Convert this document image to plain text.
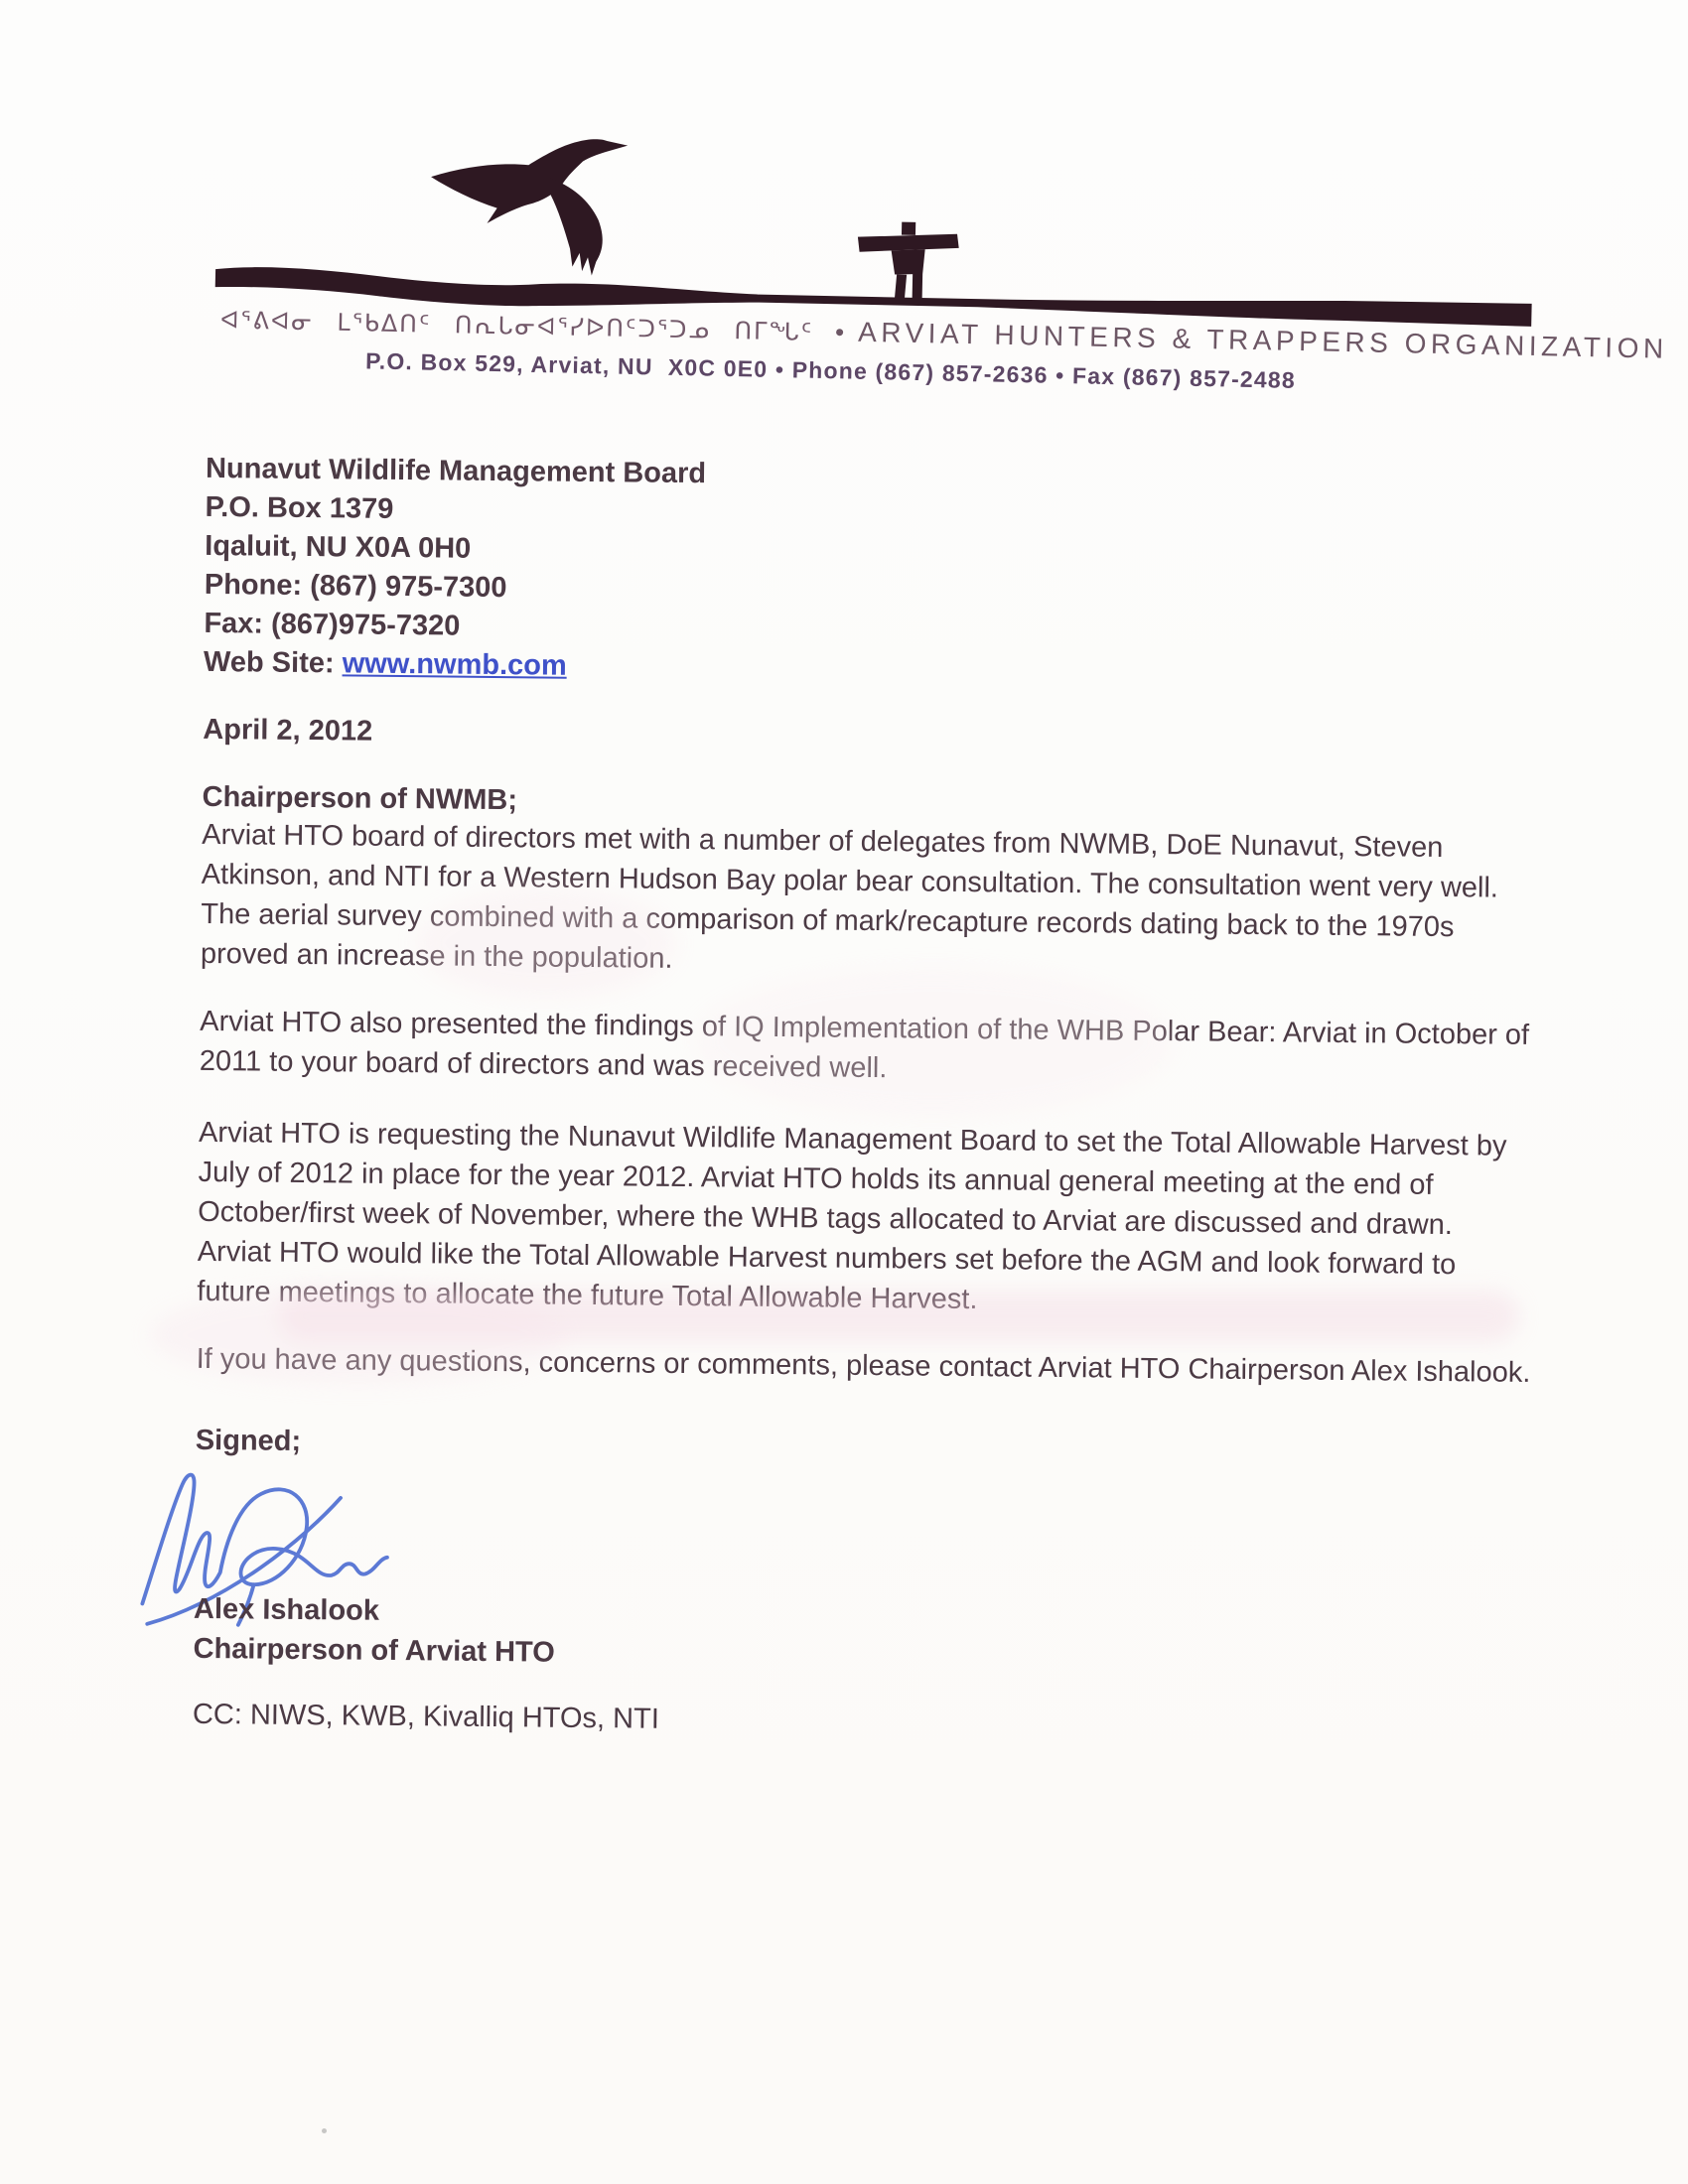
ᐊᕐᕕᐊᓂ ᒪᕐᑲᐃᑎᑦ ᑎᕆᒐᓂᐊᕐᓯᐅᑎᑦᑐᕐᑐᓄ ᑎᒥᖓᑦ • ARVIAT HUNTERS & TRAPPERS ORGANIZATION
P.O. Box 529, Arviat, NU  X0C 0E0 • Phone (867) 857-2636 • Fax (867) 857-2488
Nunavut Wildlife Management Board
P.O. Box 1379
Iqaluit, NU X0A 0H0
Phone: (867) 975-7300
Fax: (867)975-7320
Web Site: www.nwmb.com
April 2, 2012
Chairperson of NWMB;
Arviat HTO board of directors met with a number of delegates from NWMB, DoE Nunavut, Steven
Atkinson, and NTI for a Western Hudson Bay polar bear consultation. The consultation went very well.
The aerial survey combined with a comparison of mark/recapture records dating back to the 1970s
proved an increase in the population.
Arviat HTO also presented the findings of IQ Implementation of the WHB Polar Bear: Arviat in October of
2011 to your board of directors and was received well.
Arviat HTO is requesting the Nunavut Wildlife Management Board to set the Total Allowable Harvest by
July of 2012 in place for the year 2012. Arviat HTO holds its annual general meeting at the end of
October/first week of November, where the WHB tags allocated to Arviat are discussed and drawn.
Arviat HTO would like the Total Allowable Harvest numbers set before the AGM and look forward to
future meetings to allocate the future Total Allowable Harvest.
If you have any questions, concerns or comments, please contact Arviat HTO Chairperson Alex Ishalook.
Signed;
Alex Ishalook
Chairperson of Arviat HTO
CC: NIWS, KWB, Kivalliq HTOs, NTI
